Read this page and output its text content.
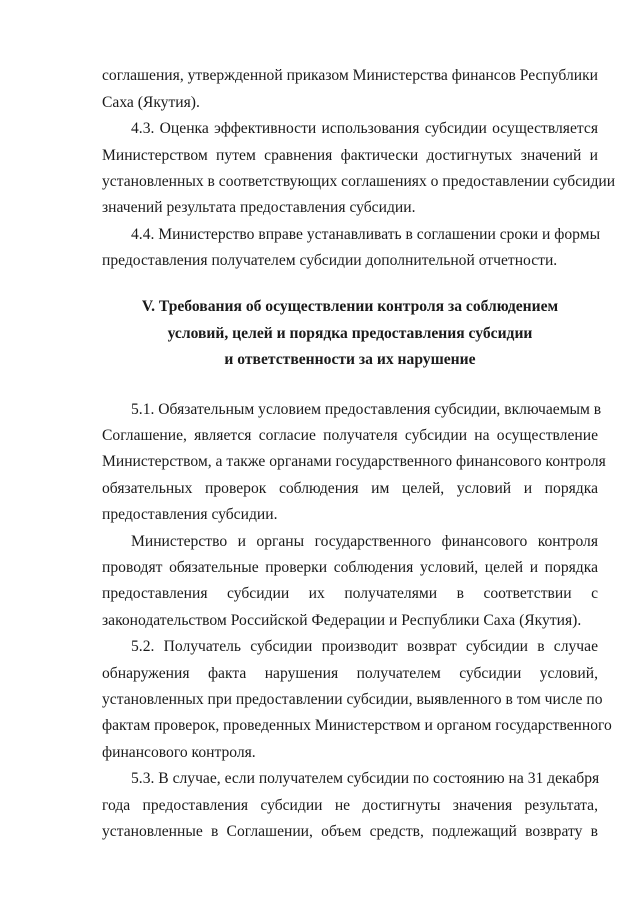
соглашения, утвержденной приказом Министерства финансов Республики
Саха (Якутия).
4.3. Оценка эффективности использования субсидии осуществляется
Министерством путем сравнения фактически достигнутых значений и
установленных в соответствующих соглашениях о предоставлении субсидии
значений результата предоставления субсидии.
4.4. Министерство вправе устанавливать в соглашении сроки и формы
предоставления получателем субсидии дополнительной отчетности.
V. Требования об осуществлении контроля за соблюдением
условий, целей и порядка предоставления субсидии
и ответственности за их нарушение
5.1. Обязательным условием предоставления субсидии, включаемым в
Соглашение, является согласие получателя субсидии на осуществление
Министерством, а также органами государственного финансового контроля
обязательных проверок соблюдения им целей, условий и порядка
предоставления субсидии.
Министерство и органы государственного финансового контроля
проводят обязательные проверки соблюдения условий, целей и порядка
предоставления субсидии их получателями в соответствии с
законодательством Российской Федерации и Республики Саха (Якутия).
5.2. Получатель субсидии производит возврат субсидии в случае
обнаружения факта нарушения получателем субсидии условий,
установленных при предоставлении субсидии, выявленного в том числе по
фактам проверок, проведенных Министерством и органом государственного
финансового контроля.
5.3. В случае, если получателем субсидии по состоянию на 31 декабря
года предоставления субсидии не достигнуты значения результата,
установленные в Соглашении, объем средств, подлежащий возврату в
